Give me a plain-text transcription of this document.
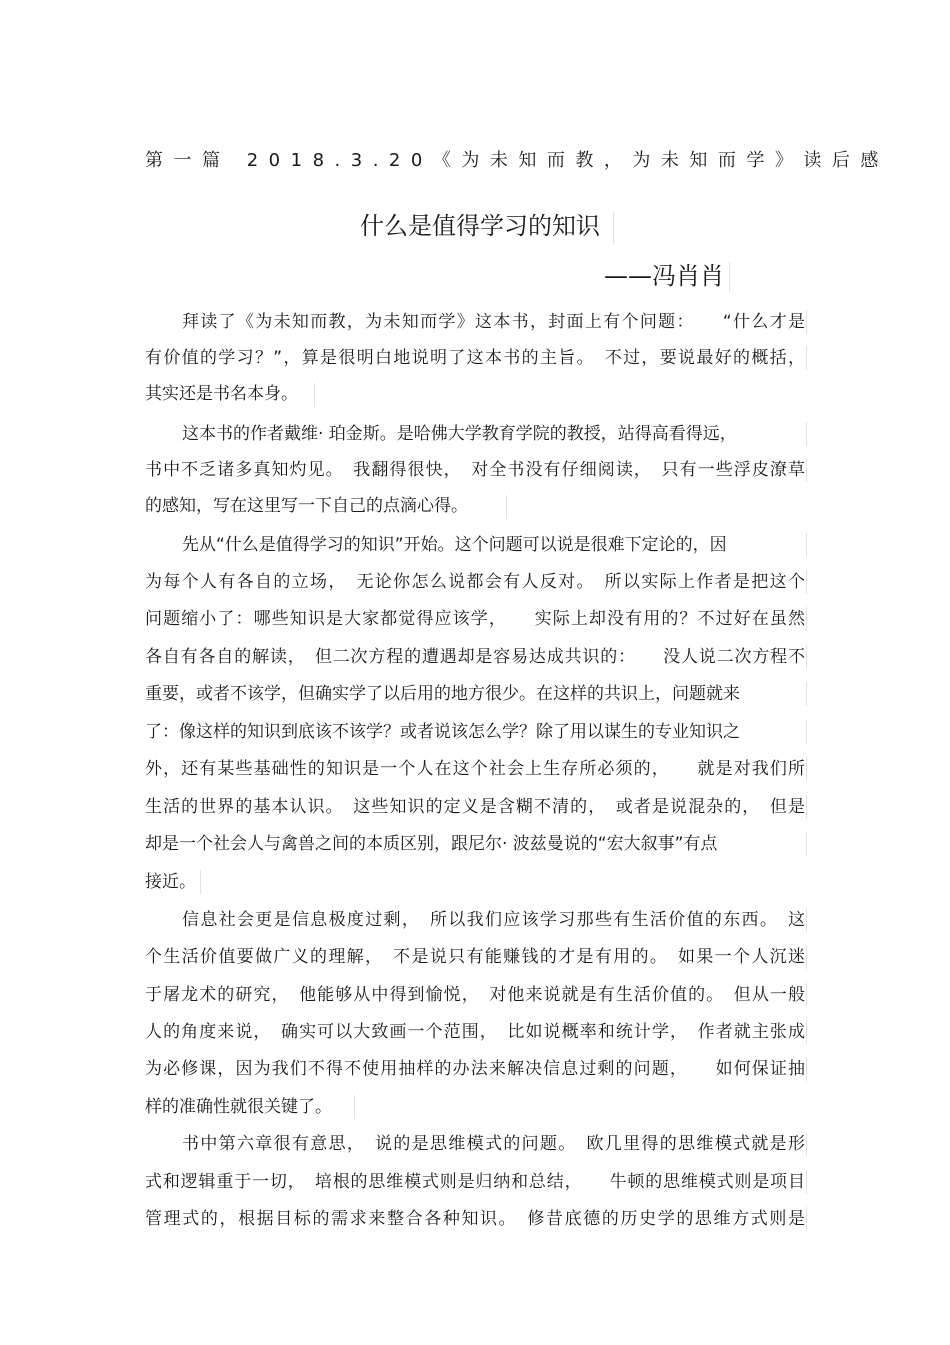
第一篇 2018.3.20《为未知而教，为未知而学》读后感
什么是值得学习的知识
——冯肖肖
拜读了《为未知而教，为未知而学》这本书，封面上有个问题：　　“什么才是
有价值的学习？”，算是很明白地说明了这本书的主旨。　不过，要说最好的概括，
其实还是书名本身。
这本书的作者戴维· 珀金斯。是哈佛大学教育学院的教授，站得高看得远，
书中不乏诸多真知灼见。　我翻得很快，　对全书没有仔细阅读，　只有一些浮皮潦草
的感知，写在这里写一下自己的点滴心得。
先从“什么是值得学习的知识”开始。这个问题可以说是很难下定论的，因
为每个人有各自的立场，　无论你怎么说都会有人反对。　所以实际上作者是把这个
问题缩小了：哪些知识是大家都觉得应该学，　　实际上却没有用的？不过好在虽然
各自有各自的解读，　但二次方程的遭遇却是容易达成共识的：　　没人说二次方程不
重要，或者不该学，但确实学了以后用的地方很少。在这样的共识上，问题就来
了：像这样的知识到底该不该学？或者说该怎么学？除了用以谋生的专业知识之
外，还有某些基础性的知识是一个人在这个社会上生存所必须的，　　就是对我们所
生活的世界的基本认识。　这些知识的定义是含糊不清的，　或者是说混杂的，　但是
却是一个社会人与禽兽之间的本质区别，跟尼尔· 波兹曼说的“宏大叙事”有点
接近。
信息社会更是信息极度过剩，　所以我们应该学习那些有生活价值的东西。　这
个生活价值要做广义的理解，　不是说只有能赚钱的才是有用的。　如果一个人沉迷
于屠龙术的研究，　他能够从中得到愉悦，　对他来说就是有生活价值的。　但从一般
人的角度来说，　确实可以大致画一个范围，　比如说概率和统计学，　作者就主张成
为必修课，因为我们不得不使用抽样的办法来解决信息过剩的问题，　　如何保证抽
样的准确性就很关键了。
书中第六章很有意思，　说的是思维模式的问题。　欧几里得的思维模式就是形
式和逻辑重于一切，　培根的思维模式则是归纳和总结，　　牛顿的思维模式则是项目
管理式的，根据目标的需求来整合各种知识。　修昔底德的历史学的思维方式则是
